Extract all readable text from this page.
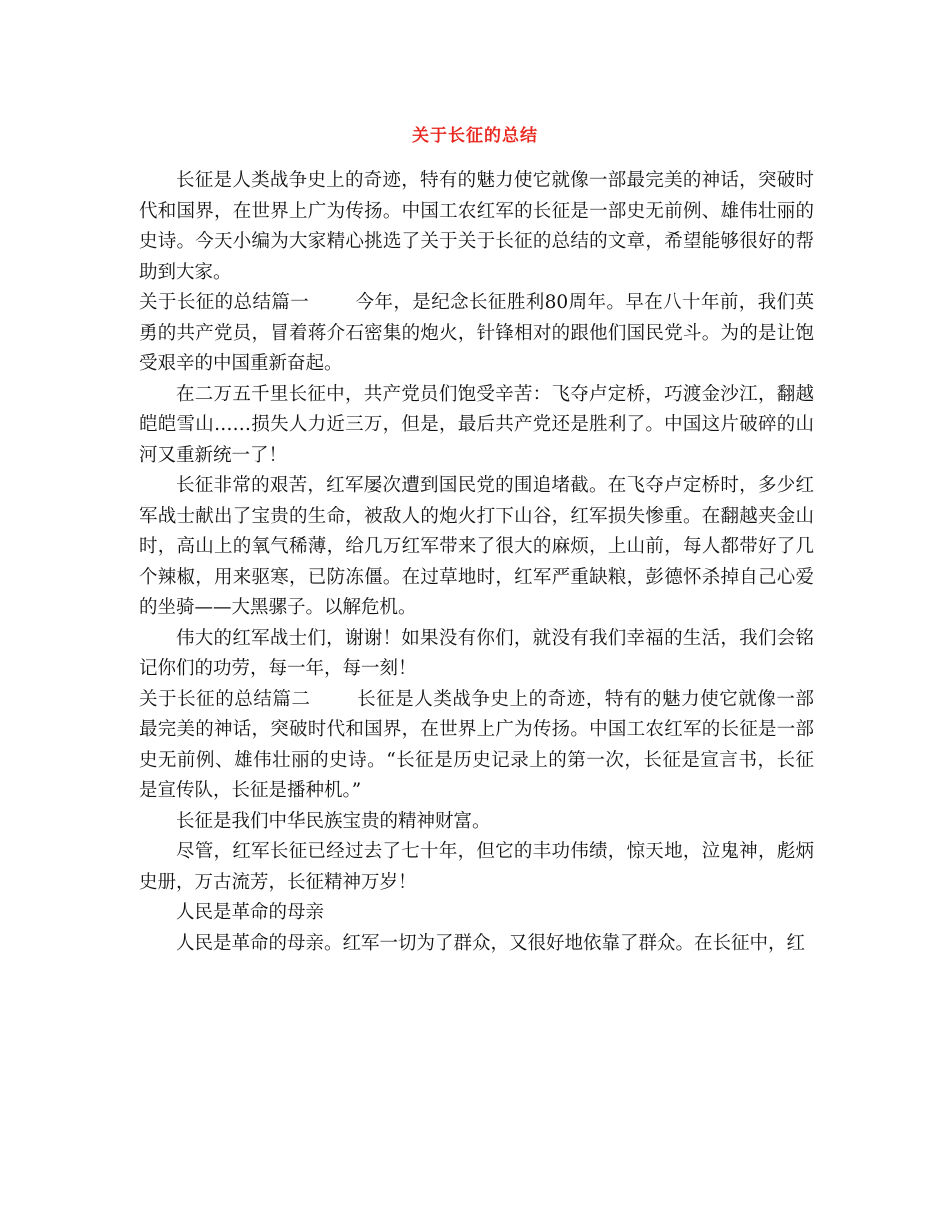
关于长征的总结

长征是人类战争史上的奇迹，特有的魅力使它就像一部最完美的神话，突破时代和国界，在世界上广为传扬。中国工农红军的长征是一部史无前例、雄伟壮丽的史诗。今天小编为大家精心挑选了关于关于长征的总结的文章，希望能够很好的帮助到大家。

关于长征的总结篇一 今年，是纪念长征胜利80周年。早在八十年前，我们英勇的共产党员，冒着蒋介石密集的炮火，针锋相对的跟他们国民党斗。为的是让饱受艰辛的中国重新奋起。

在二万五千里长征中，共产党员们饱受辛苦：飞夺卢定桥，巧渡金沙江，翻越皑皑雪山……损失人力近三万，但是，最后共产党还是胜利了。中国这片破碎的山河又重新统一了！

长征非常的艰苦，红军屡次遭到国民党的围追堵截。在飞夺卢定桥时，多少红军战士献出了宝贵的生命，被敌人的炮火打下山谷，红军损失惨重。在翻越夹金山时，高山上的氧气稀薄，给几万红军带来了很大的麻烦，上山前，每人都带好了几个辣椒，用来驱寒，已防冻僵。在过草地时，红军严重缺粮，彭德怀杀掉自己心爱的坐骑——大黑骡子。以解危机。

伟大的红军战士们，谢谢！如果没有你们，就没有我们幸福的生活，我们会铭记你们的功劳，每一年，每一刻！

关于长征的总结篇二 长征是人类战争史上的奇迹，特有的魅力使它就像一部最完美的神话，突破时代和国界，在世界上广为传扬。中国工农红军的长征是一部史无前例、雄伟壮丽的史诗。“长征是历史记录上的第一次，长征是宣言书，长征是宣传队，长征是播种机。”

长征是我们中华民族宝贵的精神财富。

尽管，红军长征已经过去了七十年，但它的丰功伟绩，惊天地，泣鬼神，彪炳史册，万古流芳，长征精神万岁！

人民是革命的母亲

人民是革命的母亲。红军一切为了群众，又很好地依靠了群众。在长征中，红
